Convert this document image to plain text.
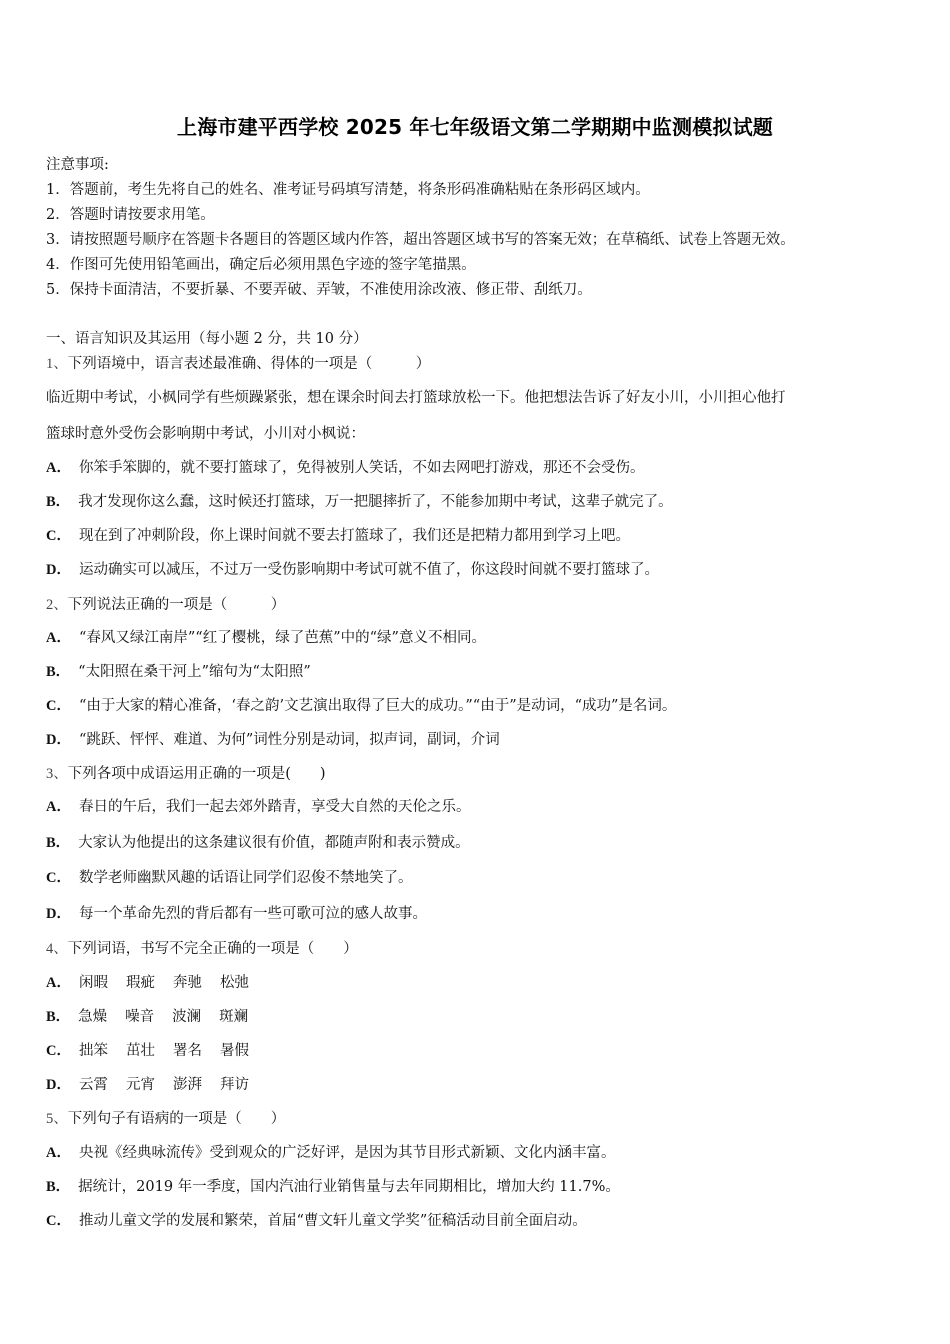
上海市建平西学校 2025 年七年级语文第二学期期中监测模拟试题
注意事项:
1．答题前，考生先将自己的姓名、准考证号码填写清楚，将条形码准确粘贴在条形码区域内。
2．答题时请按要求用笔。
3．请按照题号顺序在答题卡各题目的答题区域内作答，超出答题区域书写的答案无效；在草稿纸、试卷上答题无效。
4．作图可先使用铅笔画出，确定后必须用黑色字迹的签字笔描黑。
5．保持卡面清洁，不要折暴、不要弄破、弄皱，不准使用涂改液、修正带、刮纸刀。
一、语言知识及其运用（每小题 2 分，共 10 分）
1、下列语境中，语言表述最准确、得体的一项是（　　　）
临近期中考试，小枫同学有些烦躁紧张，想在课余时间去打篮球放松一下。他把想法告诉了好友小川，小川担心他打
篮球时意外受伤会影响期中考试，小川对小枫说：
A． 你笨手笨脚的，就不要打篮球了，免得被别人笑话，不如去网吧打游戏，那还不会受伤。
B． 我才发现你这么蠢，这时候还打篮球，万一把腿摔折了，不能参加期中考试，这辈子就完了。
C． 现在到了冲刺阶段，你上课时间就不要去打篮球了，我们还是把精力都用到学习上吧。
D． 运动确实可以减压，不过万一受伤影响期中考试可就不值了，你这段时间就不要打篮球了。
2、下列说法正确的一项是（　　　）
A． “春风又绿江南岸”“红了樱桃，绿了芭蕉”中的“绿”意义不相同。
B． “太阳照在桑干河上”缩句为“太阳照”
C． “由于大家的精心准备，‘春之韵’文艺演出取得了巨大的成功。”“由于”是动词，“成功”是名词。
D． “跳跃、怦怦、难道、为何”词性分别是动词，拟声词，副词，介词
3、下列各项中成语运用正确的一项是(　　)
A． 春日的午后，我们一起去郊外踏青，享受大自然的天伦之乐。
B． 大家认为他提出的这条建议很有价值，都随声附和表示赞成。
C． 数学老师幽默风趣的话语让同学们忍俊不禁地笑了。
D． 每一个革命先烈的背后都有一些可歌可泣的感人故事。
4、下列词语，书写不完全正确的一项是（　　）
A． 闲暇 瑕疵 奔驰 松弛
B． 急燥 噪音 波澜 斑斓
C． 拙笨 茁壮 署名 暑假
D． 云霄 元宵 澎湃 拜访
5、下列句子有语病的一项是（　　）
A． 央视《经典咏流传》受到观众的广泛好评，是因为其节目形式新颖、文化内涵丰富。
B． 据统计，2019 年一季度，国内汽油行业销售量与去年同期相比，增加大约 11.7%。
C． 推动儿童文学的发展和繁荣，首届“曹文轩儿童文学奖”征稿活动目前全面启动。
